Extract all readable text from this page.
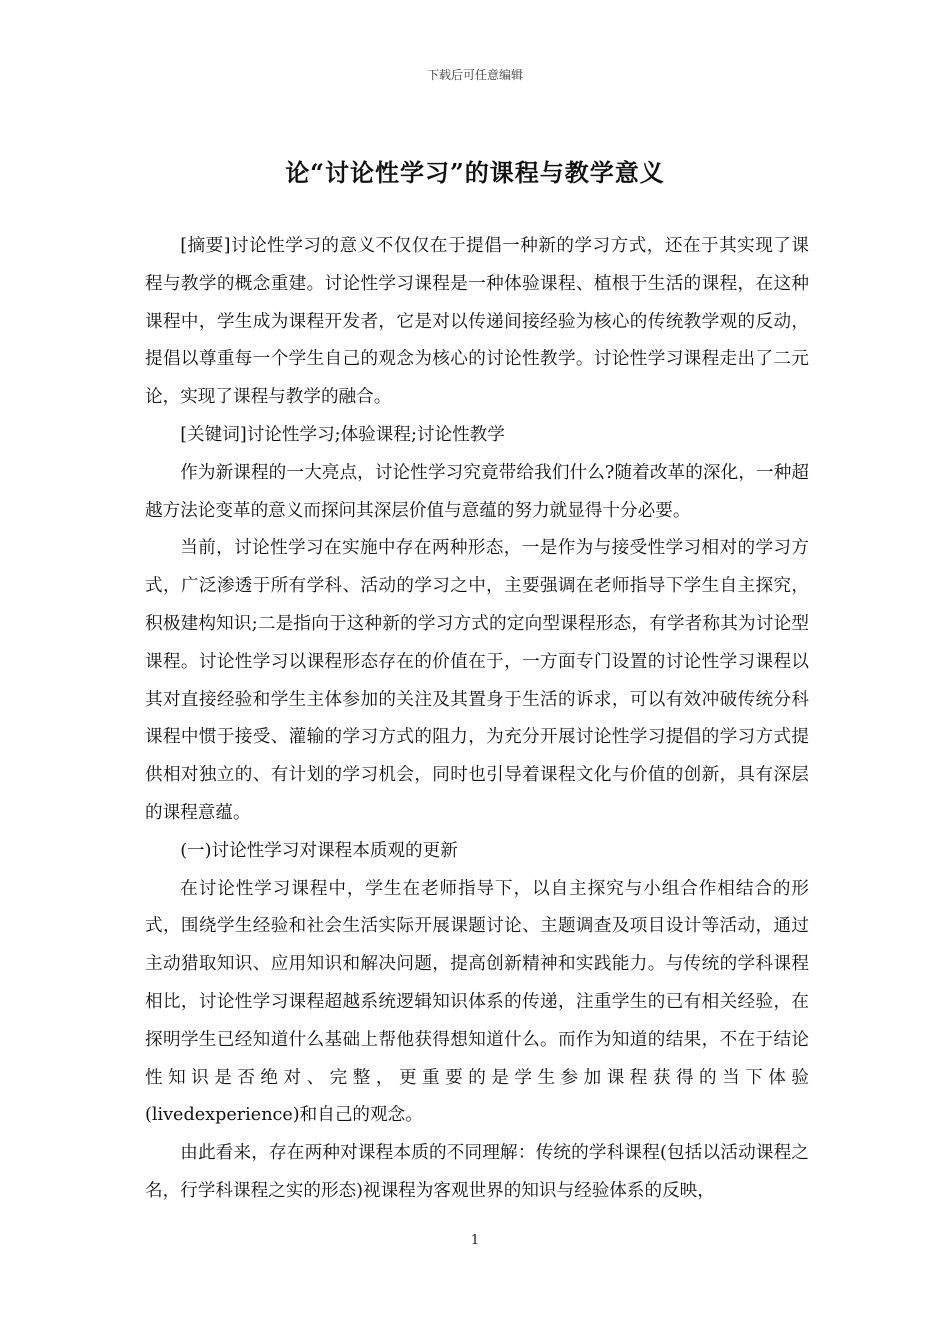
下载后可任意编辑
论“讨论性学习”的课程与教学意义

[摘要]讨论性学习的意义不仅仅在于提倡一种新的学习方式，还在于其实现了课程与教学的概念重建。讨论性学习课程是一种体验课程、植根于生活的课程，在这种课程中，学生成为课程开发者，它是对以传递间接经验为核心的传统教学观的反动，提倡以尊重每一个学生自己的观念为核心的讨论性教学。讨论性学习课程走出了二元论，实现了课程与教学的融合。

[关键词]讨论性学习;体验课程;讨论性教学

作为新课程的一大亮点，讨论性学习究竟带给我们什么?随着改革的深化，一种超越方法论变革的意义而探问其深层价值与意蕴的努力就显得十分必要。

当前，讨论性学习在实施中存在两种形态，一是作为与接受性学习相对的学习方式，广泛渗透于所有学科、活动的学习之中，主要强调在老师指导下学生自主探究，积极建构知识;二是指向于这种新的学习方式的定向型课程形态，有学者称其为讨论型课程。讨论性学习以课程形态存在的价值在于，一方面专门设置的讨论性学习课程以其对直接经验和学生主体参加的关注及其置身于生活的诉求，可以有效冲破传统分科课程中惯于接受、灌输的学习方式的阻力，为充分开展讨论性学习提倡的学习方式提供相对独立的、有计划的学习机会，同时也引导着课程文化与价值的创新，具有深层的课程意蕴。

(一)讨论性学习对课程本质观的更新

在讨论性学习课程中，学生在老师指导下，以自主探究与小组合作相结合的形式，围绕学生经验和社会生活实际开展课题讨论、主题调查及项目设计等活动，通过主动猎取知识、应用知识和解决问题，提高创新精神和实践能力。与传统的学科课程相比，讨论性学习课程超越系统逻辑知识体系的传递，注重学生的已有相关经验，在探明学生已经知道什么基础上帮他获得想知道什么。而作为知道的结果，不在于结论性知识是否绝对、完整，更重要的是学生参加课程获得的当下体验(livedexperience)和自己的观念。

由此看来，存在两种对课程本质的不同理解：传统的学科课程(包括以活动课程之名，行学科课程之实的形态)视课程为客观世界的知识与经验体系的反映，

1
